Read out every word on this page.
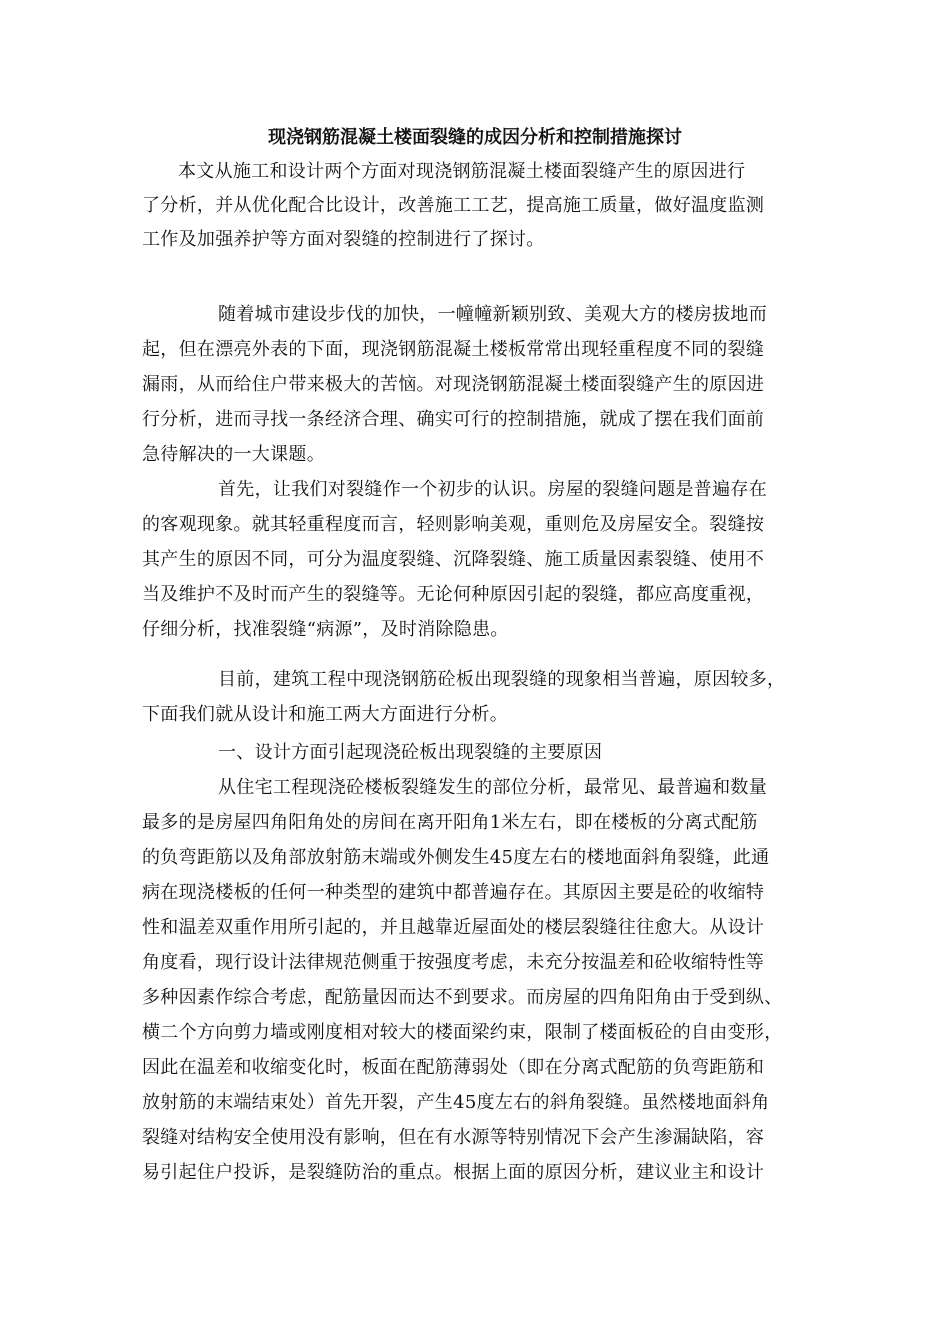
现浇钢筋混凝土楼面裂缝的成因分析和控制措施探讨
本文从施工和设计两个方面对现浇钢筋混凝土楼面裂缝产生的原因进行
了分析，并从优化配合比设计，改善施工工艺，提高施工质量，做好温度监测
工作及加强养护等方面对裂缝的控制进行了探讨。
随着城市建设步伐的加快，一幢幢新颖别致、美观大方的楼房拔地而
起，但在漂亮外表的下面，现浇钢筋混凝土楼板常常出现轻重程度不同的裂缝
漏雨，从而给住户带来极大的苦恼。对现浇钢筋混凝土楼面裂缝产生的原因进
行分析，进而寻找一条经济合理、确实可行的控制措施，就成了摆在我们面前
急待解决的一大课题。
首先，让我们对裂缝作一个初步的认识。房屋的裂缝问题是普遍存在
的客观现象。就其轻重程度而言，轻则影响美观，重则危及房屋安全。裂缝按
其产生的原因不同，可分为温度裂缝、沉降裂缝、施工质量因素裂缝、使用不
当及维护不及时而产生的裂缝等。无论何种原因引起的裂缝，都应高度重视，
仔细分析，找准裂缝“病源”，及时消除隐患。
目前，建筑工程中现浇钢筋砼板出现裂缝的现象相当普遍，原因较多，
下面我们就从设计和施工两大方面进行分析。
一、设计方面引起现浇砼板出现裂缝的主要原因
从住宅工程现浇砼楼板裂缝发生的部位分析，最常见、最普遍和数量
最多的是房屋四角阳角处的房间在离开阳角1米左右，即在楼板的分离式配筋
的负弯距筋以及角部放射筋末端或外侧发生45度左右的楼地面斜角裂缝，此通
病在现浇楼板的任何一种类型的建筑中都普遍存在。其原因主要是砼的收缩特
性和温差双重作用所引起的，并且越靠近屋面处的楼层裂缝往往愈大。从设计
角度看，现行设计法律规范侧重于按强度考虑，未充分按温差和砼收缩特性等
多种因素作综合考虑，配筋量因而达不到要求。而房屋的四角阳角由于受到纵、
横二个方向剪力墙或刚度相对较大的楼面梁约束，限制了楼面板砼的自由变形，
因此在温差和收缩变化时，板面在配筋薄弱处（即在分离式配筋的负弯距筋和
放射筋的末端结束处）首先开裂，产生45度左右的斜角裂缝。虽然楼地面斜角
裂缝对结构安全使用没有影响，但在有水源等特别情况下会产生渗漏缺陷，容
易引起住户投诉，是裂缝防治的重点。根据上面的原因分析，建议业主和设计
